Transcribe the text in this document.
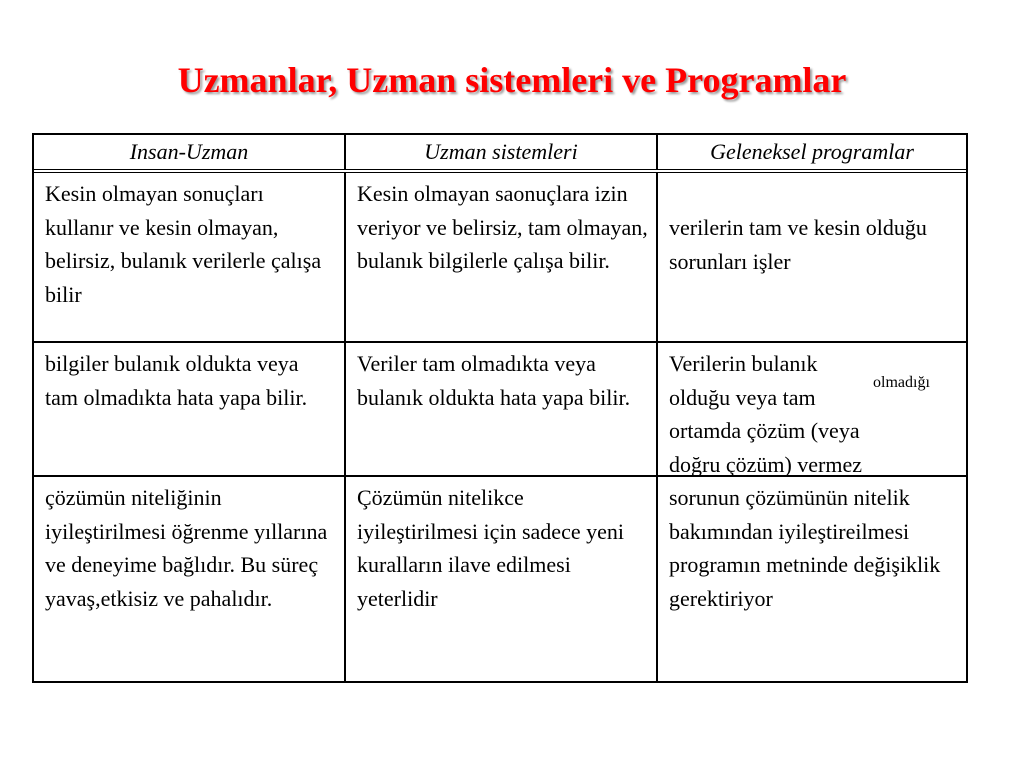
Uzmanlar, Uzman sistemleri ve Programlar
Insan-Uzman	Uzman sistemleri	Geleneksel programlar
Kesin olmayan sonuçları kullanır ve kesin olmayan, belirsiz, bulanık verilerle çalışa bilir
Kesin olmayan saonuçlara izin veriyor ve belirsiz, tam olmayan, bulanık bilgilerle çalışa bilir.
verilerin tam ve kesin olduğu sorunları işler
bilgiler bulanık oldukta veya tam olmadıkta hata yapa bilir.
Veriler tam olmadıkta veya bulanık oldukta hata yapa bilir.
Verilerin bulanık
olduğu veya tam
ortamda çözüm (veya
doğru çözüm) vermez
olmadığı
çözümün niteliğinin iyileştirilmesi öğrenme yıllarına ve deneyime bağlıdır. Bu süreç yavaş,etkisiz ve pahalıdır.
Çözümün nitelikce iyileştirilmesi için sadece yeni kuralların ilave edilmesi yeterlidir
sorunun çözümünün nitelik bakımından iyileştireilmesi programın metninde değişiklik gerektiriyor
